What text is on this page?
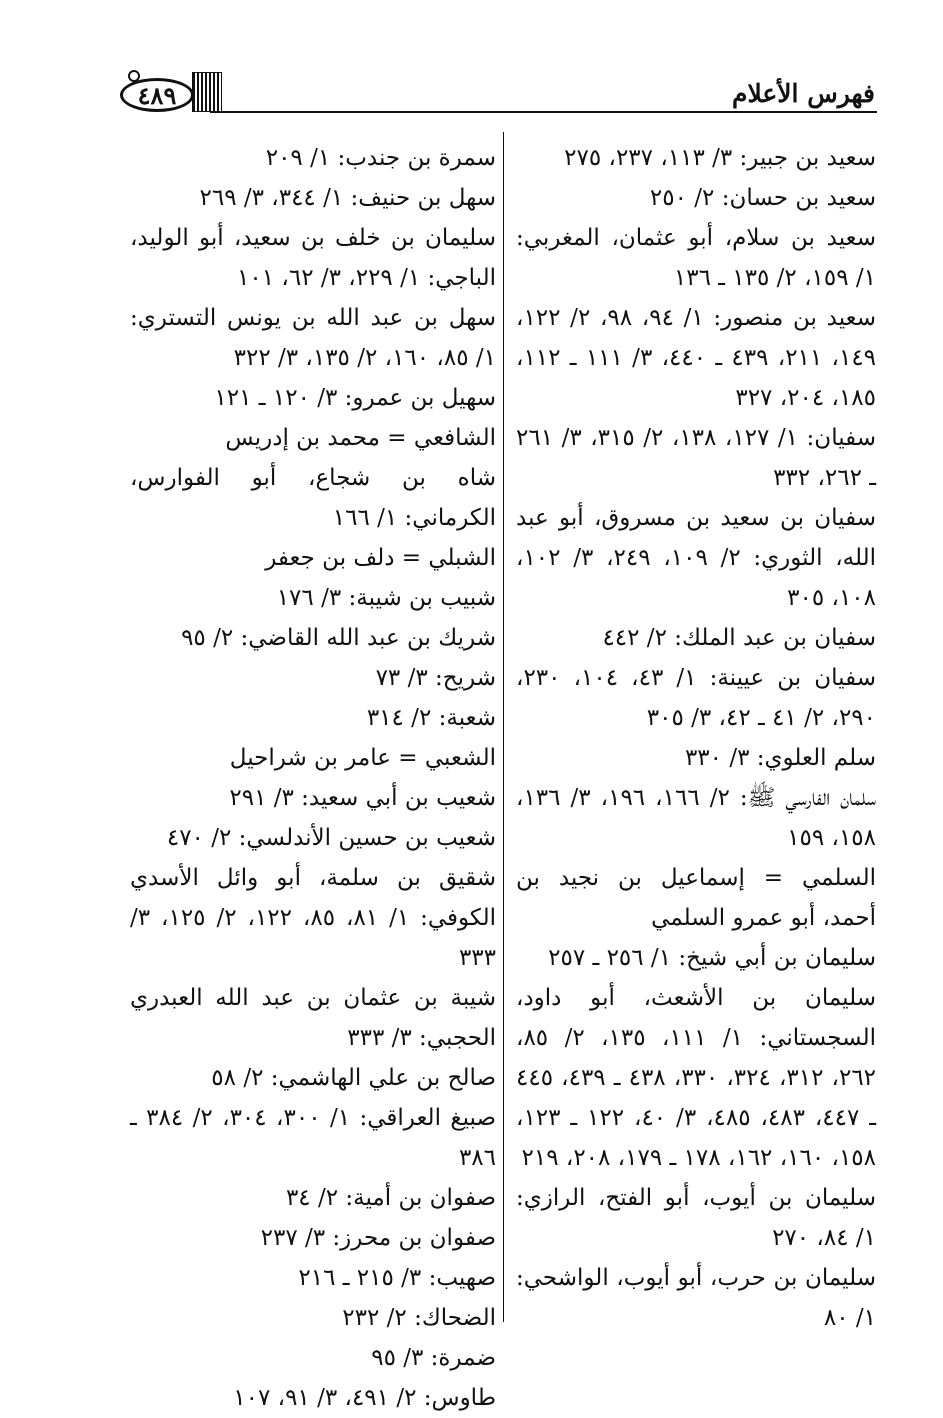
فهرس الأعلام
٤٨٩
سعيد بن جبير: ٣/ ١١٣، ٢٣٧، ٢٧٥
سعيد بن حسان: ٢/ ٢٥٠
سعيد بن سلام، أبو عثمان، المغربي: ١/ ١٥٩، ٢/ ١٣٥ ـ ١٣٦
سعيد بن منصور: ١/ ٩٤، ٩٨، ٢/ ١٢٢، ١٤٩، ٢١١، ٤٣٩ ـ ٤٤٠، ٣/ ١١١ ـ ١١٢، ١٨٥، ٢٠٤، ٣٢٧
سفيان: ١/ ١٢٧، ١٣٨، ٢/ ٣١٥، ٣/ ٢٦١ ـ ٢٦٢، ٣٣٢
سفيان بن سعيد بن مسروق، أبو عبد الله، الثوري: ٢/ ١٠٩، ٢٤٩، ٣/ ١٠٢، ١٠٨، ٣٠٥
سفيان بن عبد الملك: ٢/ ٤٤٢
سفيان بن عيينة: ١/ ٤٣، ١٠٤، ٢٣٠، ٢٩٠، ٢/ ٤١ ـ ٤٢، ٣/ ٣٠٥
سلم العلوي: ٣/ ٣٣٠
سلمان الفارسي ﷺ: ٢/ ١٦٦، ١٩٦، ٣/ ١٣٦، ١٥٨، ١٥٩
السلمي = إسماعيل بن نجيد بن أحمد، أبو عمرو السلمي
سليمان بن أبي شيخ: ١/ ٢٥٦ ـ ٢٥٧
سليمان بن الأشعث، أبو داود، السجستاني: ١/ ١١١، ١٣٥، ٢/ ٨٥، ٢٦٢، ٣١٢، ٣٢٤، ٣٣٠، ٤٣٨ ـ ٤٣٩، ٤٤٥ ـ ٤٤٧، ٤٨٣، ٤٨٥، ٣/ ٤٠، ١٢٢ ـ ١٢٣، ١٥٨، ١٦٠، ١٦٢، ١٧٨ ـ ١٧٩، ٢٠٨، ٢١٩
سليمان بن أيوب، أبو الفتح، الرازي: ١/ ٨٤، ٢٧٠
سليمان بن حرب، أبو أيوب، الواشحي: ١/ ٨٠
سمرة بن جندب: ١/ ٢٠٩
سهل بن حنيف: ١/ ٣٤٤، ٣/ ٢٦٩
سليمان بن خلف بن سعيد، أبو الوليد، الباجي: ١/ ٢٢٩، ٣/ ٦٢، ١٠١
سهل بن عبد الله بن يونس التستري: ١/ ٨٥، ١٦٠، ٢/ ١٣٥، ٣/ ٣٢٢
سهيل بن عمرو: ٣/ ١٢٠ ـ ١٢١
الشافعي = محمد بن إدريس
شاه بن شجاع، أبو الفوارس، الكرماني: ١/ ١٦٦
الشبلي = دلف بن جعفر
شبيب بن شيبة: ٣/ ١٧٦
شريك بن عبد الله القاضي: ٢/ ٩٥
شريح: ٣/ ٧٣
شعبة: ٢/ ٣١٤
الشعبي = عامر بن شراحيل
شعيب بن أبي سعيد: ٣/ ٢٩١
شعيب بن حسين الأندلسي: ٢/ ٤٧٠
شقيق بن سلمة، أبو وائل الأسدي الكوفي: ١/ ٨١، ٨٥، ١٢٢، ٢/ ١٢٥، ٣/ ٣٣٣
شيبة بن عثمان بن عبد الله العبدري الحجبي: ٣/ ٣٣٣
صالح بن علي الهاشمي: ٢/ ٥٨
صبيغ العراقي: ١/ ٣٠٠، ٣٠٤، ٢/ ٣٨٤ ـ ٣٨٦
صفوان بن أمية: ٢/ ٣٤
صفوان بن محرز: ٣/ ٢٣٧
صهيب: ٣/ ٢١٥ ـ ٢١٦
الضحاك: ٢/ ٢٣٢
ضمرة: ٣/ ٩٥
طاوس: ٢/ ٤٩١، ٣/ ٩١، ١٠٧
